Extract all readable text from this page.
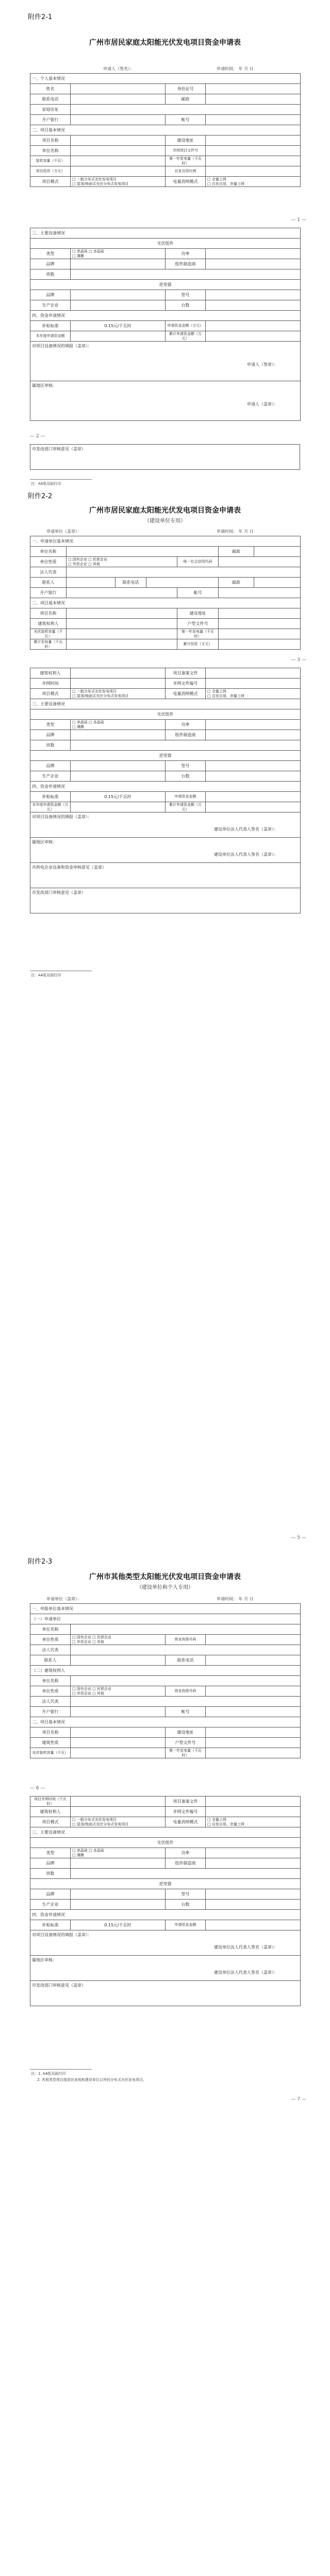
附件2-1
广州市居民家庭太阳能光伏发电项目资金申请表
申请人（签名）：	申请时间： 年 月 日
一、个人基本情况			
姓名		身份证号	
联系电话		邮政	
家庭住址			
开户银行		帐号	
二、项目基本情况			
项目名称		建设地址	
单位名称		并网项目文件号	
装机容量（千瓦）		第一年发电量（千瓦时）	
项目投资（万元）		自发自用比例	
项目模式	□ 一般分布式光伏发电项目
□ 屋顶/地面式光伏分布式发电项目	电量消纳模式	□ 全量上网
□ 自发自用、余量上网
— 1 —
三、主要设备情况			
光伏组件			
类型	□ 单晶硅 □ 多晶硅
□ 薄膜	功率	
品牌		组件制造商	
块数			
逆变器			
品牌		型号	
生产企业		台数	
四、资金申请情况			
补贴标准	0.15元/千瓦时	申请资金金额（万元）	
本年度申请资金额		累计申请资金额（万元）	
对项目设备情况的填报（盖章）：
申请人（签章）：			

属地区审核：
申请人（盖章）：			
— 2 —
市发改部门审核意见（盖章）
注：A4纸双面打印
附件2-2
广州市居民家庭太阳能光伏发电项目资金申请表
（建设单位专用）
申请单位（盖章）：	申请时间： 年 月 日
一、申请单位基本情况						
单位名称					邮政	
单位性质	□ 国有企业 □ 民营企业
□ 外资企业 □ 其他			统一社会信用代码		
法人代表						
联系人		联系电话			邮政	
开户银行				帐号		
二、项目基本情况						
项目名称				建设地址		
建筑权利人				户型文件号		
光伏装机容量（千瓦）				第一年发电量（千瓦时）		
累计发电量（千瓦时）				累计投资（万元）		
— 3 —
建筑权利人		项目备案文件	
并网时间		并网文件编号	
项目模式	□ 一般分布式光伏发电项目
□ 屋顶/地面式光伏分布式发电项目	电量消纳模式	□ 全量上网
□ 自发自用、余量上网
三、主要设备情况			
光伏组件			
类型	□ 单晶硅 □ 多晶硅
□ 薄膜	功率	
品牌		组件制造商	
块数			
逆变器			
品牌		型号	
生产企业		台数	
四、资金申请情况			
补贴标准	0.15元/千瓦时	申请资金金额	
本年度申请资金额（万元）		累计申请资金额（万元）	
对项目设备情况的填报（盖章）：
建设单位法人代表人签名（盖章）：			

属地区审核：
建设单位法人代表人签名（盖章）：			

市供电企业设备和资金审核意见（盖章）			
市发改部门审核意见（盖章）			
注：A4纸双面打印
— 5 —
附件2-3
广州市其他类型太阳能光伏发电项目资金申请表
（建设单位和个人专用）
申请单位（盖章）：	申请时间： 年 月 日
一、申报单位基本情况			
（一）申请单位			
单位名称			
单位性质	□ 国有企业 □ 民营企业
□ 外资企业 □ 其他	营业执照号码	
法人代表			
联系人		联系电话	
（二）建筑权利人			
单位名称			
单位性质	□ 国有企业 □ 民营企业
□ 外资企业 □ 其他	营业执照号码	
法人代表			
开户银行		帐号	
二、项目基本情况			
项目名称		建设地址	
建筑性质		户型文件号	
光伏装机容量（千瓦）		第一年发电量（千瓦时）	
— 6 —
项目并网时间（千瓦时）		项目备案文件	
建筑权利人		并网文件编号	
项目模式	□ 一般分布式光伏发电项目
□ 屋顶/地面式光伏分布式发电项目	电量消纳模式	□ 全量上网
□ 自发自用、余量上网
三、主要设备情况			
光伏组件			
类型	□ 单晶硅 □ 多晶硅
□ 薄膜	功率	
品牌		组件制造商	
块数			
逆变器			
品牌		型号	
生产企业		台数	
四、资金申请情况			
补贴标准	0.15元/千瓦时	申请资金金额	
对项目设备情况的填报（盖章）：
建设单位法人代表人签名（盖章）：			

属地区审核：
建设单位法人代表人签名（盖章）：			

市发改部门审核意见（盖章）			
注：1. A4纸双面打印
2. 其他类型项目指居民家庭和建设单位以外的分布式光伏发电项目。
— 7 —
